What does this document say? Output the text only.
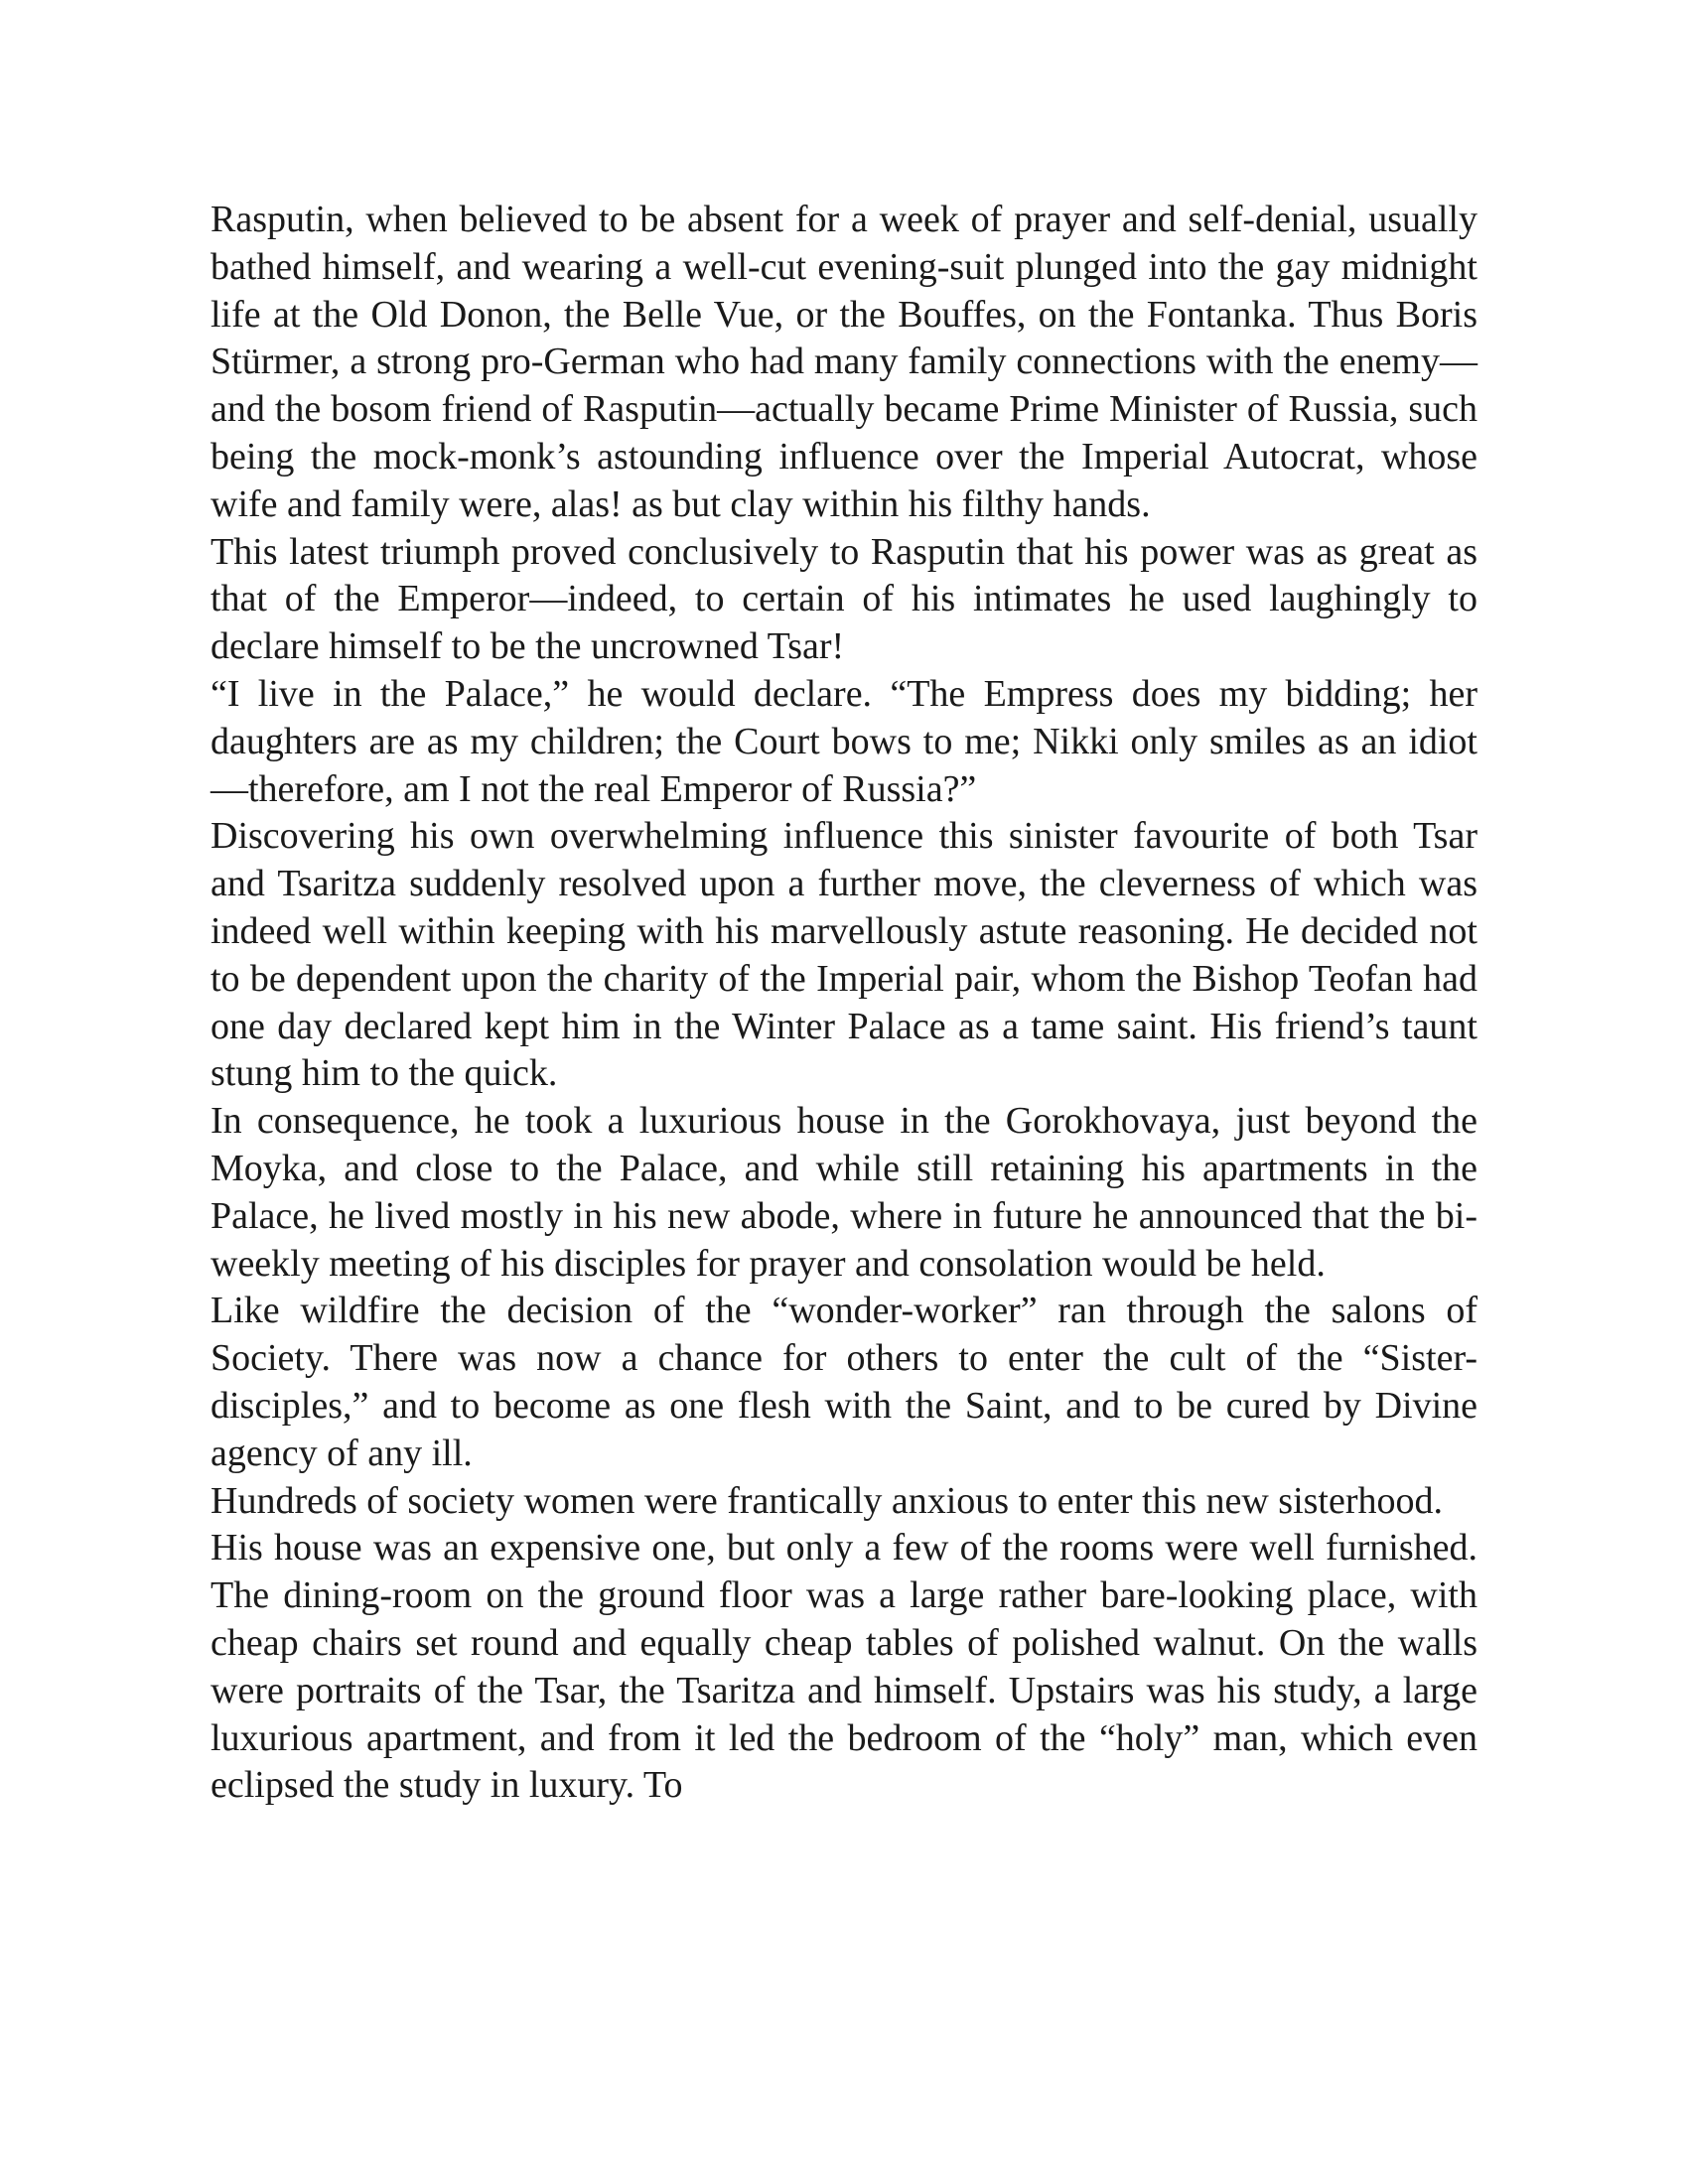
Rasputin, when believed to be absent for a week of prayer and self-denial, usually bathed himself, and wearing a well-cut evening-suit plunged into the gay midnight life at the Old Donon, the Belle Vue, or the Bouffes, on the Fontanka. Thus Boris Stürmer, a strong pro-German who had many family connections with the enemy—and the bosom friend of Rasputin—actually became Prime Minister of Russia, such being the mock-monk’s astounding influence over the Imperial Autocrat, whose wife and family were, alas! as but clay within his filthy hands.

This latest triumph proved conclusively to Rasputin that his power was as great as that of the Emperor—indeed, to certain of his intimates he used laughingly to declare himself to be the uncrowned Tsar!

“I live in the Palace,” he would declare. “The Empress does my bidding; her daughters are as my children; the Court bows to me; Nikki only smiles as an idiot—therefore, am I not the real Emperor of Russia?”

Discovering his own overwhelming influence this sinister favourite of both Tsar and Tsaritza suddenly resolved upon a further move, the cleverness of which was indeed well within keeping with his marvellously astute reasoning. He decided not to be dependent upon the charity of the Imperial pair, whom the Bishop Teofan had one day declared kept him in the Winter Palace as a tame saint. His friend’s taunt stung him to the quick.

In consequence, he took a luxurious house in the Gorokhovaya, just beyond the Moyka, and close to the Palace, and while still retaining his apartments in the Palace, he lived mostly in his new abode, where in future he announced that the bi-weekly meeting of his disciples for prayer and consolation would be held.

Like wildfire the decision of the “wonder-worker” ran through the salons of Society. There was now a chance for others to enter the cult of the “Sister-disciples,” and to become as one flesh with the Saint, and to be cured by Divine agency of any ill.

Hundreds of society women were frantically anxious to enter this new sisterhood.

His house was an expensive one, but only a few of the rooms were well furnished. The dining-room on the ground floor was a large rather bare-looking place, with cheap chairs set round and equally cheap tables of polished walnut. On the walls were portraits of the Tsar, the Tsaritza and himself. Upstairs was his study, a large luxurious apartment, and from it led the bedroom of the “holy” man, which even eclipsed the study in luxury. To
